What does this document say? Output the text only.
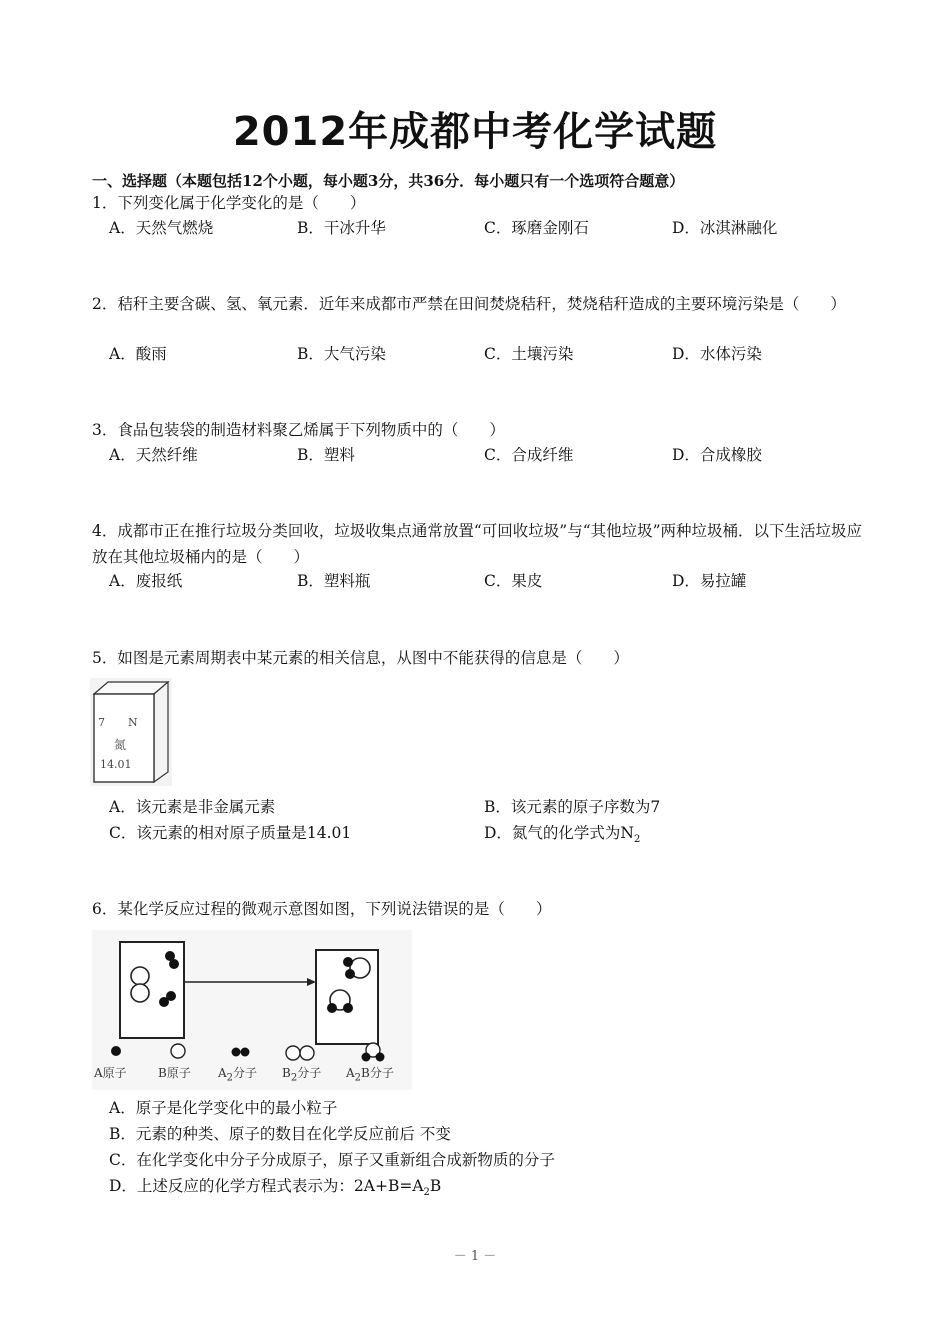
2012年成都中考化学试题
一、选择题（本题包括12个小题，每小题3分，共36分．每小题只有一个选项符合题意）
1．下列变化属于化学变化的是（　　）
A．天然气燃烧	B．干冰升华	C．琢磨金刚石	D．冰淇淋融化
2．秸秆主要含碳、氢、氧元素．近年来成都市严禁在田间焚烧秸秆，焚烧秸秆造成的主要环境污染是（　　）
A．酸雨	B．大气污染	C．土壤污染	D．水体污染
3．食品包装袋的制造材料聚乙烯属于下列物质中的（　　）
A．天然纤维	B．塑料	C．合成纤维	D．合成橡胶
4．成都市正在推行垃圾分类回收，垃圾收集点通常放置“可回收垃圾”与“其他垃圾”两种垃圾桶．以下生活垃圾应放在其他垃圾桶内的是（　　）
A．废报纸	B．塑料瓶	C．果皮	D．易拉罐
5．如图是元素周期表中某元素的相关信息，从图中不能获得的信息是（　　）
7 N
氮
14.01
A．该元素是非金属元素	B．该元素的原子序数为7
C．该元素的相对原子质量是14.01	D．氮气的化学式为$N_2$
6．某化学反应过程的微观示意图如图，下列说法错误的是（　　）
A原子	B原子 $A_2$分子 $B_2$分子 $A_2B$分子
A．原子是化学变化中的最小粒子
B．元素的种类、原子的数目在化学反应前后 不变
C．在化学变化中分子分成原子，原子又重新组合成新物质的分子
D．上述反应的化学方程式表示为：$2A+B=A_2B$
－ 1 －
